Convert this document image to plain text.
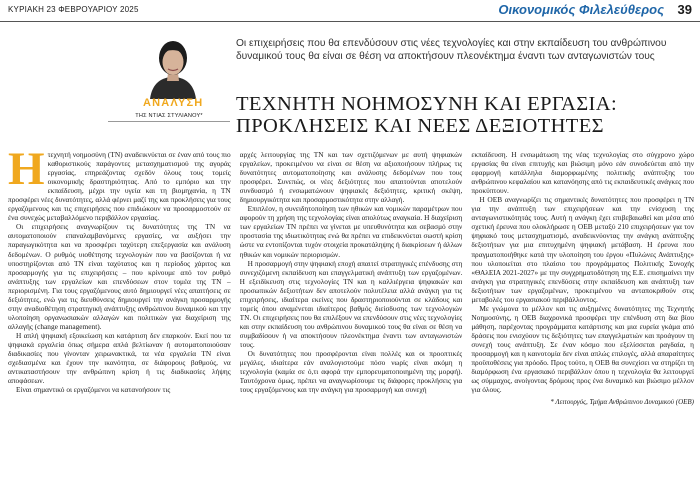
ΚΥΡΙΑΚΗ 23 ΦΕΒΡΟΥΑΡΙΟΥ 2025	Οικονομικός Φιλελεύθερος 39
ΑΝΑΛΥΣΗ
ΤΗΣ ΝΤΙΑΣ ΣΤΥΛΙΑΝΟΥ*
Οι επιχειρήσεις που θα επενδύσουν στις νέες τεχνολογίες και στην εκπαίδευση του ανθρώπινου δυναμικού τους θα είναι σε θέση να αποκτήσουν πλεονέκτημα έναντι των ανταγωνιστών τους
ΤΕΧΝΗΤΗ ΝΟΗΜΟΣΥΝΗ ΚΑΙ ΕΡΓΑΣΙΑ:
ΠΡΟΚΛΗΣΕΙΣ ΚΑΙ ΝΕΕΣ ΔΕΞΙΟΤΗΤΕΣ
Η τεχνητή νοημοσύνη (ΤΝ) αναδεικνύεται σε έναν από τους πιο καθοριστικούς παράγοντες μετασχηματισμού της αγοράς εργασίας, επηρεάζοντας σχεδόν όλους τους τομείς οικονομικής δραστηριότητας. Από το εμπόριο και την εκπαίδευση, μέχρι την υγεία και τη βιομηχανία, η ΤΝ προσφέρει νέες δυνατότητες, αλλά φέρνει μαζί της και προκλήσεις για τους εργαζόμενους και τις επιχειρήσεις που επιδιώκουν να προσαρμοστούν σε ένα συνεχώς μεταβαλλόμενο περιβάλλον εργασίας.

Οι επιχειρήσεις αναγνωρίζουν τις δυνατότητες της ΤΝ να αυτοματοποιούν επαναλαμβανόμενες εργασίες, να αυξήσει την παραγωγικότητα και να προσφέρει ταχύτερη επεξεργασία και ανάλυση δεδομένων. Ο ρυθμός υιοθέτησης τεχνολογιών που να βασίζονται ή να υποστηρίζονται από ΤΝ είναι ταχύτατος και η περίοδος χάριτος και προσαρμογής για τις επιχειρήσεις – που κρίνουμε από τον ρυθμό ανάπτυξης των εργαλείων και επενδύσεων στον τομέα της ΤΝ – περιορισμένη. Για τους εργαζόμενους αυτό δημιουργεί νέες απαιτήσεις σε δεξιότητες, ενώ για τις διευθύνσεις δημιουργεί την ανάγκη προσαρμογής στην αναδιοθέτηση στρατηγική ανάπτυξης ανθρώπινου δυναμικού και την υλοποίηση οργανωσιακών αλλαγών και πολιτικών για διαχείριση της αλλαγής (change management).

Η απλή ψηφιακή εξοικείωση και κατάρτιση δεν επαρκούν. Εκεί που τα ψηφιακά εργαλεία όπως σήμερα απλά βελτίωναν ή αυτοματοποιούσαν διαδικασίες που γίνονταν χειρωνακτικά, τα νέα εργαλεία ΤΝ είναι σχεδιασμένα και έχουν την ικανότητα, σε διάφορους βαθμούς, να αντικαταστήσουν την ανθρώπινη κρίση ή τις διαδικασίες λήψης αποφάσεων.

Είναι σημαντικό οι εργαζόμενοι να κατανοήσουν τις

αρχές λειτουργίας της ΤΝ και των σχετιζόμενων με αυτή ψηφιακών εργαλείων, προκειμένου να είναι σε θέση να αξιοποιήσουν πλήρως τις δυνατότητες αυτοματοποίησης και ανάλυσης δεδομένων που τους προσφέρει. Συνεπώς, οι νέες δεξιότητες που απαιτούνται αποτελούν συνδυασμό ή ενσωματώνουν ψηφιακές δεξιότητες, κριτική σκέψη, δημιουργικότητα και προσαρμοστικότητα στην αλλαγή.

Επιπλέον, η συνειδητοποίηση των ηθικών και νομικών παραμέτρων που αφορούν τη χρήση της τεχνολογίας είναι απολύτως αναγκαία. Η διαχείριση των εργαλείων ΤΝ πρέπει να γίνεται με υπευθυνότητα και σεβασμό στην προστασία της ιδιωτικότητας ενώ θα πρέπει να επιδεικνύεται σωστή κρίση ώστε να εντοπίζονται τυχόν στοιχεία προκατάληψης ή διακρίσεων ή άλλων ηθικών και νομικών περιορισμών.

Η προσαρμογή στην ψηφιακή εποχή απαιτεί στρατηγικές επένδυσης στη συνεχιζόμενη εκπαίδευση και επαγγελματική ανάπτυξη των εργαζομένων. Η εξειδίκευση στις τεχνολογίες ΤΝ και η καλλιέργεια ψηφιακών και προσωπικών δεξιοτήτων δεν αποτελούν πολυτέλεια αλλά ανάγκη για τις επιχειρήσεις, ιδιαίτερα εκείνες που δραστηριοποιούνται σε κλάδους και τομείς όπου αναμένεται ιδιαίτερος βαθμός διείσδυσης των τεχνολογιών ΤΝ. Οι επιχειρήσεις που θα επιλέξουν να επενδύσουν στις νέες τεχνολογίες και στην εκπαίδευση του ανθρώπινου δυναμικού τους θα είναι σε θέση να συμβαδίσουν ή να αποκτήσουν πλεονέκτημα έναντι των ανταγωνιστών τους.

Οι δυνατότητες που προσφέρονται είναι πολλές και οι προοπτικές μεγάλες, ιδιαίτερα εάν αναλογιστούμε πόσο νωρίς είναι ακόμη η τεχνολογία (καμία σε ό,τι αφορά την εμπορευματοποιημένη της μορφή). Ταυτόχρονα όμως, πρέπει να αναγνωρίσουμε τις διάφορες προκλήσεις για τους εργαζόμενους και την ανάγκη για προσαρμογή και συνεχή

εκπαίδευση. Η ενσωμάτωση της νέας τεχνολογίας στο σύγχρονο χώρο εργασίας θα είναι επιτυχής και βιώσιμη μόνο εάν συνοδεύεται από την εφαρμογή κατάλληλα διαμορφωμένης πολιτικής ανάπτυξης του ανθρώπινου κεφαλαίου και κατανόησης από τις εκπαιδευτικές ανάγκες που προκύπτουν.

Η ΟΕΒ αναγνωρίζει τις σημαντικές δυνατότητες που προσφέρει η ΤΝ για την ανάπτυξη των επιχειρήσεων και την ενίσχυση της ανταγωνιστικότητάς τους. Αυτή η ανάγκη έχει επιβεβαιωθεί και μέσα από σχετική έρευνα που ολοκλήρωσε η ΟΕΒ μεταξύ 210 επιχειρήσεων για τον ψηφιακό τους μετασχηματισμό, αναδεικνύοντας την ανάγκη ανάπτυξης δεξιοτήτων για μια επιτυχημένη ψηφιακή μετάβαση. Η έρευνα που πραγματοποιήθηκε κατά την υλοποίηση του έργου «Πυλώνες Ανάπτυξης» που υλοποιείται στο πλαίσιο του προγράμματος Πολιτικής Συνοχής «ΘΑλΕΙΑ 2021-2027» με την συγχρηματοδότηση της Ε.Ε. επισημαίνει την ανάγκη για στρατηγικές επενδύσεις στην εκπαίδευση και ανάπτυξη των δεξιοτήτων των εργαζομένων, προκειμένου να ανταποκριθούν στις μεταβολές του εργασιακού περιβάλλοντος.

Με γνώμονα το μέλλον και τις αυξημένες δυνατότητες της Τεχνητής Νοημοσύνης, η ΟΕΒ διαχρονικά προσφέρει την επένδυση στη δια βίου μάθηση, παρέχοντας προγράμματα κατάρτισης και μια ευρεία γκάμα από δράσεις που ενισχύουν τις δεξιότητες των επαγγελματιών και προάγουν τη συνεχή τους ανάπτυξη. Σε έναν κόσμο που εξελίσσεται ραγδαία, η προσαρμογή και η καινοτομία δεν είναι απλώς επιλογές, αλλά απαραίτητες προϋποθέσεις για πρόοδο. Προς τούτο, η ΟΕΒ θα συνεχίσει να στηρίζει τη διαμόρφωση ένα εργασιακό περιβάλλον όπου η τεχνολογία θα λειτουργεί ως σύμμαχος, ανοίγοντας δρόμους προς ένα δυναμικό και βιώσιμο μέλλον για όλους.

* Λειτουργός, Τμήμα Ανθρώπινου Δυναμικού (ΟΕΒ)
